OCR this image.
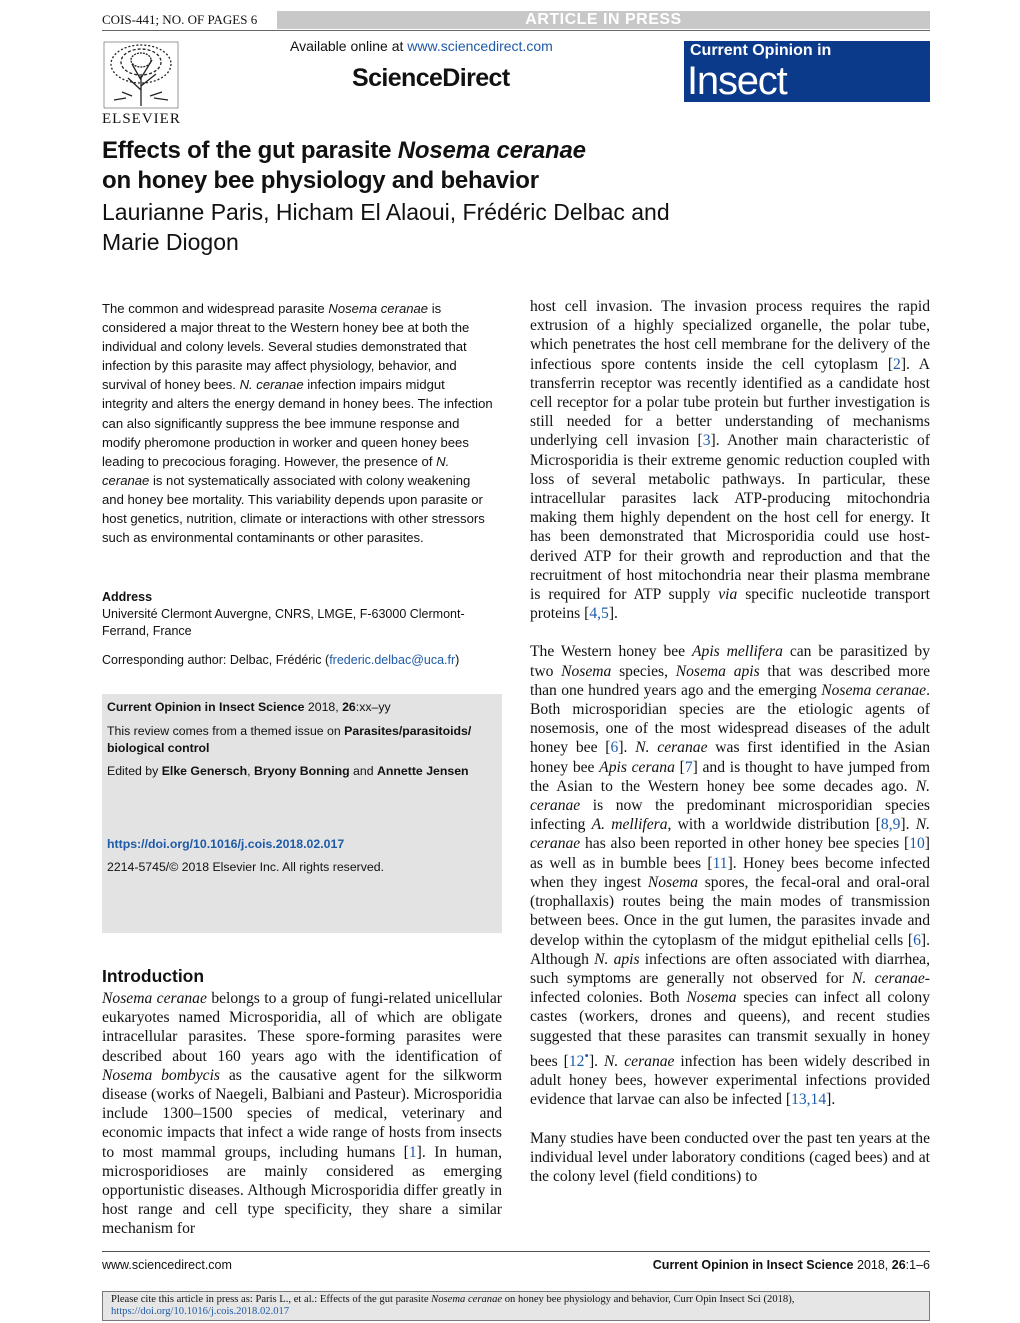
COIS-441; NO. OF PAGES 6	ARTICLE IN PRESS
ELSEVIER
Available online at www.sciencedirect.com
ScienceDirect
Current Opinion in
Insect Science
Effects of the gut parasite Nosema ceranae
on honey bee physiology and behavior
Laurianne Paris, Hicham El Alaoui, Frédéric Delbac and
Marie Diogon
The common and widespread parasite Nosema ceranae is considered a major threat to the Western honey bee at both the individual and colony levels. Several studies demonstrated that infection by this parasite may affect physiology, behavior, and survival of honey bees. N. ceranae infection impairs midgut integrity and alters the energy demand in honey bees. The infection can also significantly suppress the bee immune response and modify pheromone production in worker and queen honey bees leading to precocious foraging. However, the presence of N. ceranae is not systematically associated with colony weakening and honey bee mortality. This variability depends upon parasite or host genetics, nutrition, climate or interactions with other stressors such as environmental contaminants or other parasites.
Address
Université Clermont Auvergne, CNRS, LMGE, F-63000 Clermont-Ferrand, France
Corresponding author: Delbac, Frédéric (frederic.delbac@uca.fr)
Current Opinion in Insect Science 2018, 26:xx–yy
This review comes from a themed issue on Parasites/parasitoids/ biological control
Edited by Elke Genersch, Bryony Bonning and Annette Jensen
https://doi.org/10.1016/j.cois.2018.02.017
2214-5745/© 2018 Elsevier Inc. All rights reserved.
Introduction
Nosema ceranae belongs to a group of fungi-related unicellular eukaryotes named Microsporidia, all of which are obligate intracellular parasites. These spore-forming parasites were described about 160 years ago with the identification of Nosema bombycis as the causative agent for the silkworm disease (works of Naegeli, Balbiani and Pasteur). Microsporidia include 1300–1500 species of medical, veterinary and economic impacts that infect a wide range of hosts from insects to most mammal groups, including humans [1]. In human, microsporidioses are mainly considered as emerging opportunistic diseases. Although Microsporidia differ greatly in host range and cell type specificity, they share a similar mechanism for

host cell invasion. The invasion process requires the rapid extrusion of a highly specialized organelle, the polar tube, which penetrates the host cell membrane for the delivery of the infectious spore contents inside the cell cytoplasm [2]. A transferrin receptor was recently identified as a candidate host cell receptor for a polar tube protein but further investigation is still needed for a better understanding of mechanisms underlying cell invasion [3]. Another main characteristic of Microsporidia is their extreme genomic reduction coupled with loss of several metabolic pathways. In particular, these intracellular parasites lack ATP-producing mitochondria making them highly dependent on the host cell for energy. It has been demonstrated that Microsporidia could use host-derived ATP for their growth and reproduction and that the recruitment of host mitochondria near their plasma membrane is required for ATP supply via specific nucleotide transport proteins [4,5].

The Western honey bee Apis mellifera can be parasitized by two Nosema species, Nosema apis that was described more than one hundred years ago and the emerging Nosema ceranae. Both microsporidian species are the etiologic agents of nosemosis, one of the most widespread diseases of the adult honey bee [6]. N. ceranae was first identified in the Asian honey bee Apis cerana [7] and is thought to have jumped from the Asian to the Western honey bee some decades ago. N. ceranae is now the predominant microsporidian species infecting A. mellifera, with a worldwide distribution [8,9]. N. ceranae has also been reported in other honey bee species [10] as well as in bumble bees [11]. Honey bees become infected when they ingest Nosema spores, the fecal-oral and oral-oral (trophallaxis) routes being the main modes of transmission between bees. Once in the gut lumen, the parasites invade and develop within the cytoplasm of the midgut epithelial cells [6]. Although N. apis infections are often associated with diarrhea, such symptoms are generally not observed for N. ceranae-infected colonies. Both Nosema species can infect all colony castes (workers, drones and queens), and recent studies suggested that these parasites can transmit sexually in honey bees [12•]. N. ceranae infection has been widely described in adult honey bees, however experimental infections provided evidence that larvae can also be infected [13,14].

Many studies have been conducted over the past ten years at the individual level under laboratory conditions (caged bees) and at the colony level (field conditions) to

www.sciencedirect.com	Current Opinion in Insect Science 2018, 26:1–6
Please cite this article in press as: Paris L., et al.: Effects of the gut parasite Nosema ceranae on honey bee physiology and behavior, Curr Opin Insect Sci (2018), https://doi.org/10.1016/j.cois.2018.02.017
